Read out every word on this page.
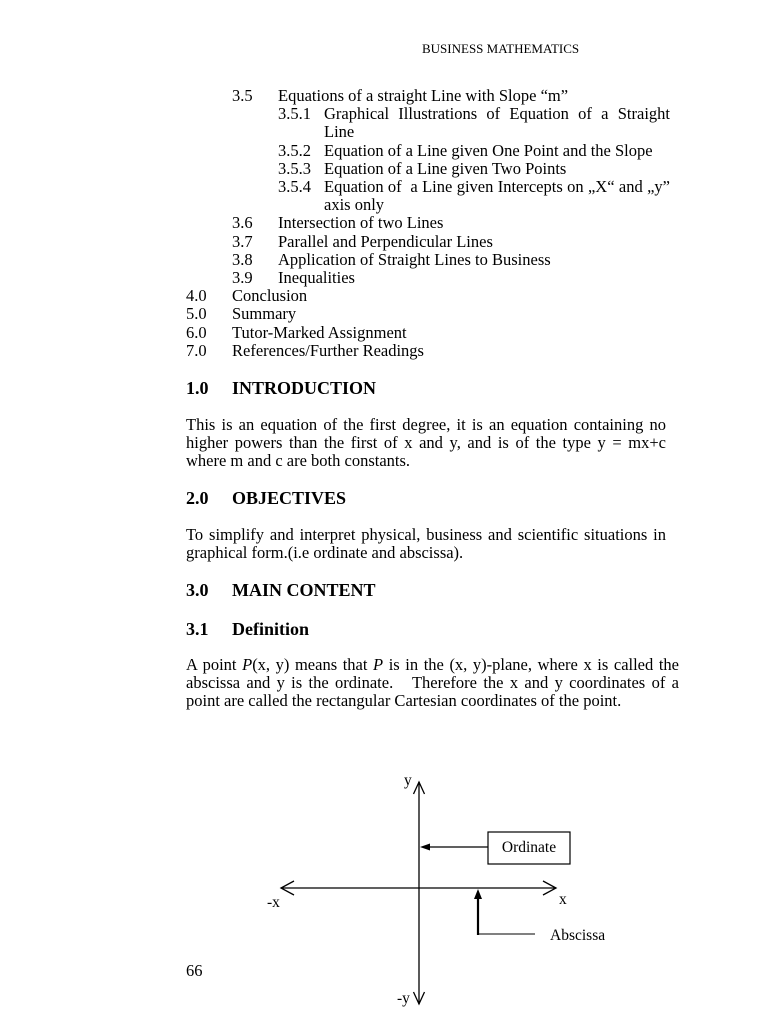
BUSINESS MATHEMATICS
3.5	Equations of a straight Line with Slope “m”
3.5.1 Graphical Illustrations of Equation of a Straight Line
3.5.2 Equation of a Line given One Point and the Slope
3.5.3 Equation of a Line given Two Points
3.5.4 Equation of  a Line given Intercepts on „X“ and „y” axis only
3.6	Intersection of two Lines
3.7	Parallel and Perpendicular Lines
3.8	Application of Straight Lines to Business
3.9	Inequalities
4.0	Conclusion
5.0	Summary
6.0	Tutor-Marked Assignment
7.0	References/Further Readings
1.0	INTRODUCTION

This is an equation of the first degree, it is an equation containing no higher powers than the first of x and y, and is of the type y = mx+c where m and c are both constants.

2.0	OBJECTIVES

To simplify and interpret physical, business and scientific situations in graphical form.(i.e ordinate and abscissa).

3.0	MAIN CONTENT
3.1	Definition

A point P(x, y) means that P is in the (x, y)-plane, where x is called the abscissa and y is the ordinate.   Therefore the x and y coordinates of a point are called the rectangular Cartesian coordinates of the point.

y
-y
-x	x
Ordinate
Abscissa
66
